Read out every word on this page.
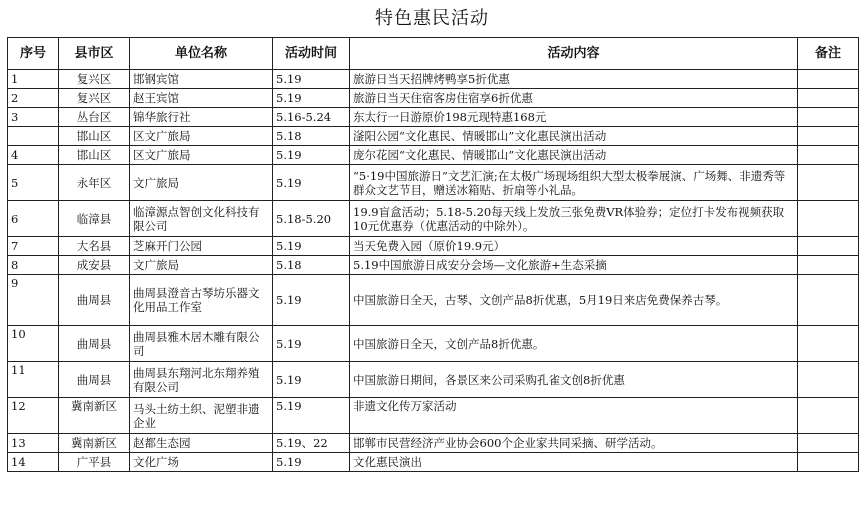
特色惠民活动
序号	县市区	单位名称	活动时间	活动内容	备注
1	复兴区	邯钢宾馆	5.19	旅游日当天招牌烤鸭享5折优惠	
2	复兴区	赵王宾馆	5.19	旅游日当天住宿客房住宿享6折优惠	
3	丛台区	锦华旅行社	5.16-5.24	东太行一日游原价198元现特惠168元	
	邯山区	区文广旅局	5.18	滏阳公园“文化惠民、情暖邯山”文化惠民演出活动	
4	邯山区	区文广旅局	5.19	庞尔花园“文化惠民、情暖邯山”文化惠民演出活动	
5	永年区	文广旅局	5.19	“5·19中国旅游日”文艺汇演;在太极广场现场组织大型太极拳展演、广场舞、非遗秀等群众文艺节目，赠送冰箱贴、折扇等小礼品。	
6	临漳县	临漳源点智创文化科技有限公司	5.18-5.20	19.9盲盒活动；5.18-5.20每天线上发放三张免费VR体验券；定位打卡发布视频获取10元优惠券（优惠活动的中除外）。	
7	大名县	芝麻开门公园	5.19	当天免费入园（原价19.9元）	
8	成安县	文广旅局	5.18	5.19中国旅游日成安分会场—文化旅游+生态采摘	
9	曲周县	曲周县澄音古琴坊乐器文化用品工作室	5.19	中国旅游日全天，古琴、文创产品8折优惠，5月19日来店免费保养古琴。	
10	曲周县	曲周县雅木居木雕有限公司	5.19	中国旅游日全天，文创产品8折优惠。	
11	曲周县	曲周县东翔河北东翔养殖有限公司	5.19	中国旅游日期间，各景区来公司采购孔雀文创8折优惠	
12	冀南新区	马头土纺土织、泥塑非遗企业	5.19	非遗文化传万家活动	
13	冀南新区	赵都生态园	5.19、22	邯郸市民营经济产业协会600个企业家共同采摘、研学活动。	
14	广平县	文化广场	5.19	文化惠民演出	
